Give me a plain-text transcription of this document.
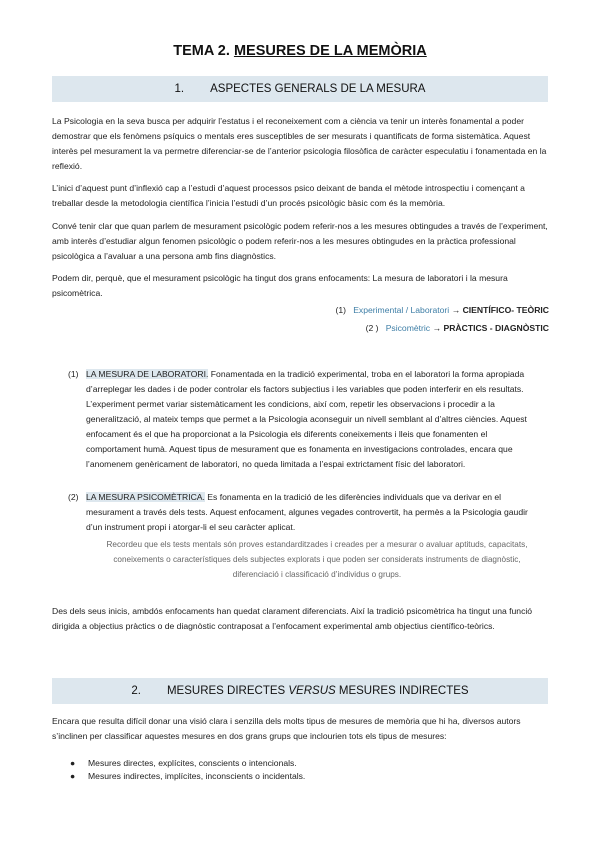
TEMA 2. MESURES DE LA MEMÒRIA
1. ASPECTES GENERALS DE LA MESURA

La Psicologia en la seva busca per adquirir l’estatus i el reconeixement com a ciència va tenir un interès fonamental a poder demostrar que els fenòmens psíquics o mentals eres susceptibles de ser mesurats i quantificats de forma sistemàtica. Aquest interès pel mesurament la va permetre diferenciar-se de l’anterior psicologia filosòfica de caràcter especulatiu i fonamentada en la reflexió.

L’inici d’aquest punt d’inflexió cap a l’estudi d’aquest processos psico deixant de banda el mètode introspectiu i començant a treballar desde la metodologia científica l’inicia l’estudi d’un procés psicològic bàsic com és la memòria.

Convé tenir clar que quan parlem de mesurament psicològic podem referir-nos a les mesures obtingudes a través de l’experiment, amb interès d’estudiar algun fenomen psicològic o podem referir-nos a les mesures obtingudes en la pràctica professional psicològica a l’avaluar a una persona amb fins diagnòstics.

Podem dir, perquè, que el mesurament psicològic ha tingut dos grans enfocaments: La mesura de laboratori i la mesura psicomètrica.

(1) Experimental / Laboratori → CIENTÍFICO- TEÒRIC
(2 ) Psicomètric → PRÀCTICS - DIAGNÒSTIC
(1) LA MESURA DE LABORATORI. Fonamentada en la tradició experimental, troba en el laboratori la forma apropiada d’arreplegar les dades i de poder controlar els factors subjectius i les variables que poden interferir en els resultats. L’experiment permet variar sistemàticament les condicions, així com, repetir les observacions i procedir a la generalització, al mateix temps que permet a la Psicologia aconseguir un nivell semblant al d’altres ciències. Aquest enfocament és el que ha proporcionat a la Psicologia els diferents coneixements i lleis que fonamenten el comportament humà. Aquest tipus de mesurament que es fonamenta en investigacions controlades, encara que l’anomenem genèricament de laboratori, no queda limitada a l’espai extrictament físic del laboratori.
(2) LA MESURA PSICOMÈTRICA. Es fonamenta en la tradició de les diferències individuals que va derivar en el mesurament a través dels tests. Aquest enfocament, algunes vegades controvertit, ha permès a la Psicologia gaudir d’un instrument propi i atorgar-li el seu caràcter aplicat.

Recordeu que els tests mentals són proves estandarditzades i creades per a mesurar o avaluar aptituds, capacitats, coneixements o característiques dels subjectes explorats i que poden ser considerats instruments de diagnòstic, diferenciació i classificació d’individus o grups.

Des dels seus inicis, ambdós enfocaments han quedat clarament diferenciats. Així la tradició psicomètrica ha tingut una funció dirigida a objectius pràctics o de diagnòstic contraposat a l’enfocament experimental amb objectius científico-teòrics.

2. MESURES DIRECTES VERSUS MESURES INDIRECTES

Encara que resulta difícil donar una visió clara i senzilla dels molts tipus de mesures de memòria que hi ha, diversos autors s’inclinen per classificar aquestes mesures en dos grans grups que inclourien tots els tipus de mesures:

● Mesures directes, explícites, conscients o intencionals.
● Mesures indirectes, implícites, inconscients o incidentals.
